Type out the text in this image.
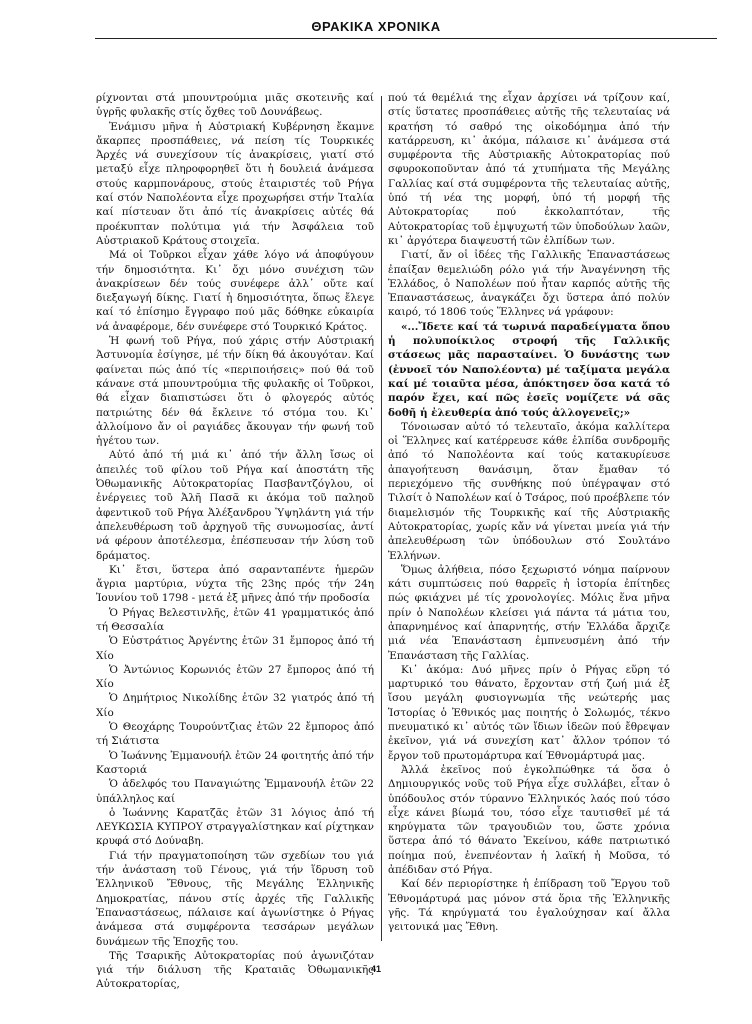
ΘΡΑΚΙΚΑ ΧΡΟΝΙΚΑ

ρίχνονται στά μπουντρούμια μιᾶς σκοτεινῆς καί ὑγρῆς φυλακῆς στίς ὄχθες τοῦ Δουνάβεως.

Ἐνάμισυ μῆνα ἡ Αὐστριακή Κυβέρνηση ἔκαμνε ἄκαρπες προσπάθειες, νά πείση τίς Τουρκικές Ἀρχές νά συνεχίσουν τίς ἀνακρίσεις, γιατί στό μεταξύ εἶχε πληροφορηθεῖ ὅτι ἡ δουλειά ἀνάμεσα στούς καρμπονάρους, στούς ἑταιριστές τοῦ Ρήγα καί στόν Ναπολέοντα εἶχε προχωρήσει στήν Ἰταλία καί πίστευαν ὅτι ἀπό τίς ἀνακρίσεις αὐτές θά προέκυπταν πολύτιμα γιά τήν Ἀσφάλεια τοῦ Αὐστριακοῦ Κράτους στοιχεῖα.

Μά οἱ Τοῦρκοι εἶχαν χάθε λόγο νά ἀποφύγουν τήν δημοσιότητα. Κι᾽ ὄχι μόνο συνέχιση τῶν ἀνακρίσεων δέν τούς συνέφερε ἀλλ᾽ οὔτε καί διεξαγωγή δίκης. Γιατί ἡ δημοσιότητα, ὅπως ἔλεγε καί τό ἐπίσημο ἔγγραφο πού μᾶς δόθηκε εὐκαιρία νά ἀναφέρομε, δέν συνέφερε στό Τουρκικό Κράτος.

Ἡ φωνή τοῦ Ρήγα, πού χάρις στήν Αὐστριακή Ἀστυνομία ἐσίγησε, μέ τήν δίκη θά ἀκουγόταν. Καί φαίνεται πώς ἀπό τίς «περιποιήσεις» πού θά τοῦ κάνανε στά μπουντρούμια τῆς φυλακῆς οἱ Τοῦρκοι, θά εἶχαν διαπιστώσει ὅτι ὁ φλογερός αὐτός πατριώτης δέν θά ἔκλεινε τό στόμα του. Κι᾽ ἀλλοίμονο ἄν οἱ ραγιάδες ἄκουγαν τήν φωνή τοῦ ἡγέτου των.

Αὐτό ἀπό τή μιά κι᾽ ἀπό τήν ἄλλη ἴσως οἱ ἀπειλές τοῦ φίλου τοῦ Ρήγα καί ἀποστάτη τῆς Ὀθωμανικῆς Αὐτοκρατορίας Πασβαντζόγλου, οἱ ἐνέργειες τοῦ Ἀλῆ Πασᾶ κι ἀκόμα τοῦ παληοῦ ἀφεντικοῦ τοῦ Ρήγα Ἀλέξανδρου Ὑψηλάντη γιά τήν ἀπελευθέρωση τοῦ ἀρχηγοῦ τῆς συνωμοσίας, ἀντί νά φέρουν ἀποτέλεσμα, ἐπέσπευσαν τήν λύση τοῦ δράματος.

Κι᾽ ἔτσι, ὕστερα ἀπό σαρανταπέντε ἡμερῶν ἄγρια μαρτύρια, νύχτα τῆς 23ης πρός τήν 24η Ἰουνίου τοῦ 1798 - μετά ἑξ μῆνες ἀπό τήν προδοσία

Ὁ Ρήγας Βελεστινλῆς, ἐτῶν 41 γραμματικός ἀπό τή Θεσσαλία

Ὁ Εὐστράτιος Ἀργέντης ἐτῶν 31 ἔμπορος ἀπό τή Χίο

Ὁ Ἀντώνιος Κορωνιός ἐτῶν 27 ἔμπορος ἀπό τή Χίο

Ὁ Δημήτριος Νικολίδης ἐτῶν 32 γιατρός ἀπό τή Χίο

Ὁ Θεοχάρης Τουρούντζιας ἐτῶν 22 ἔμπορος ἀπό τή Σιάτιστα

Ὁ Ἰωάννης Ἐμμανουήλ ἐτῶν 24 φοιτητής ἀπό τήν Καστοριά

Ὁ ἀδελφός του Παναγιώτης Ἐμμανουήλ ἐτῶν 22 ὑπάλληλος καί

ὁ Ἰωάννης Καρατζᾶς ἐτῶν 31 λόγιος ἀπό τή ΛΕΥΚΩΣΙΑ ΚΥΠΡΟΥ στραγγαλίστηκαν καί ρίχτηκαν κρυφά στό Δούναβη.

Γιά τήν πραγματοποίηση τῶν σχεδίων του γιά τήν ἀνάσταση τοῦ Γένους, γιά τήν ἵδρυση τοῦ Ἑλληνικοῦ Ἔθνους, τῆς Μεγάλης Ἑλληνικῆς Δημοκρατίας, πάνου στίς ἀρχές τῆς Γαλλικῆς Ἐπαναστάσεως, πάλαισε καί ἀγωνίστηκε ὁ Ρήγας ἀνάμεσα στά συμφέροντα τεσσάρων μεγάλων δυνάμεων τῆς Ἐποχῆς του.

Τῆς Τσαρικῆς Αὐτοκρατορίας πού ἀγωνιζόταν γιά τήν διάλυση τῆς Κραταιᾶς Ὀθωμανικῆς Αὐτοκρατορίας,

πού τά θεμέλιά της εἶχαν ἀρχίσει νά τρίζουν καί, στίς ὕστατες προσπάθειες αὐτῆς τῆς τελευταίας νά κρατήση τό σαθρό της οἰκοδόμημα ἀπό τήν κατάρρευση, κι᾽ ἀκόμα, πάλαισε κι᾽ ἀνάμεσα στά συμφέροντα τῆς Αὐστριακῆς Αὐτοκρατορίας πού σφυροκοποῦνταν ἀπό τά χτυπήματα τῆς Μεγάλης Γαλλίας καί στά συμφέροντα τῆς τελευταίας αὐτῆς, ὑπό τή νέα της μορφή, ὑπό τή μορφή τῆς Αὐτοκρατορίας πού ἐκκολαπτόταν, τῆς Αὐτοκρατορίας τοῦ ἐμψυχωτή τῶν ὑποδούλων λαῶν, κι᾽ ἀργότερα διαψευστή τῶν ἐλπίδων των.

Γιατί, ἄν οἱ ἰδέες τῆς Γαλλικῆς Ἐπαναστάσεως ἐπαίξαν θεμελιώδη ρόλο γιά τήν Ἀναγέννηση τῆς Ἑλλάδος, ὁ Ναπολέων πού ἦταν καρπός αὐτῆς τῆς Ἐπαναστάσεως, ἀναγκάζει ὄχι ὕστερα ἀπό πολύν καιρό, τό 1806 τούς Ἕλληνες νά γράφουν:

«...Ἴδετε καί τά τωρινά παραδείγματα ὅπου ἡ πολυποίκιλος στροφή τῆς Γαλλικῆς στάσεως μᾶς παρασταίνει. Ὁ δυνάστης των (ἐννοεῖ τόν Ναπολέοντα) μέ ταξίματα μεγάλα καί μέ τοιαῦτα μέσα, ἀπόκτησεν ὅσα κατά τό παρόν ἔχει, καί πῶς ἐσεῖς νομίζετε νά σᾶς δοθῆ ἡ ἐλευθερία ἀπό τούς ἀλλογενεῖς;»

Τόνοιωσαν αὐτό τό τελευταῖο, ἀκόμα καλλίτερα οἱ Ἕλληνες καί κατέρρευσε κάθε ἐλπίδα συνδρομῆς ἀπό τό Ναπολέοντα καί τούς κατακυρίευσε ἀπαγοήτευση θανάσιμη, ὅταν ἔμαθαν τό περιεχόμενο τῆς συνθήκης πού ὑπέγραψαν στό Τιλσίτ ὁ Ναπολέων καί ὁ Τσάρος, πού προέβλεπε τόν διαμελισμόν τῆς Τουρκικῆς καί τῆς Αὐστριακῆς Αὐτοκρατορίας, χωρίς κἄν νά γίνεται μνεία γιά τήν ἀπελευθέρωση τῶν ὑπόδουλων στό Σουλτάνο Ἑλλήνων.

Ὅμως ἀλήθεια, πόσο ξεχωριστό νόημα παίρνουν κάτι συμπτώσεις πού θαρρεῖς ἡ ἱστορία ἐπίτηδες πώς φκιάχνει μέ τίς χρονολογίες. Μόλις ἕνα μῆνα πρίν ὁ Ναπολέων κλείσει γιά πάντα τά μάτια του, ἀπαρνημένος καί ἀπαρνητής, στήν Ἑλλάδα ἄρχιζε μιά νέα Ἐπανάσταση ἐμπνευσμένη ἀπό τήν Ἐπανάσταση τῆς Γαλλίας.

Κι᾽ ἀκόμα: Δυό μῆνες πρίν ὁ Ρήγας εὕρη τό μαρτυρικό του θάνατο, ἔρχονταν στή ζωή μιά ἐξ ἴσου μεγάλη φυσιογνωμία τῆς νεώτερής μας Ἱστορίας ὁ Ἐθνικός μας ποιητής ὁ Σολωμός, τέκνο πνευματικό κι᾽ αὐτός τῶν ἴδιων ἰδεῶν πού ἔθρεψαν ἐκεῖνον, γιά νά συνεχίση κατ᾽ ἄλλον τρόπον τό ἔργον τοῦ πρωτομάρτυρα καί Ἐθνομάρτυρά μας.

Ἀλλά ἐκεῖνος πού ἐγκολπώθηκε τά ὅσα ὁ Δημιουργικός νοῦς τοῦ Ρήγα εἶχε συλλάβει, εἶταν ὁ ὑπόδουλος στόν τύραννο Ἑλληνικός λαός πού τόσο εἶχε κάνει βίωμά του, τόσο εἶχε ταυτισθεῖ μέ τά κηρύγματα τῶν τραγουδιῶν του, ὥστε χρόνια ὕστερα ἀπό τό θάνατο Ἐκείνου, κάθε πατριωτικό ποίημα πού, ἐνεπνέονταν ἡ λαϊκή ἡ Μοῦσα, τό ἀπέδιδαν στό Ρήγα.

Καί δέν περιορίστηκε ἡ ἐπίδραση τοῦ Ἔργου τοῦ Ἐθνομάρτυρά μας μόνον στά ὅρια τῆς Ἑλληνικῆς γῆς. Τά κηρύγματά του ἐγαλούχησαν καί ἄλλα γειτονικά μας Ἔθνη.

41
